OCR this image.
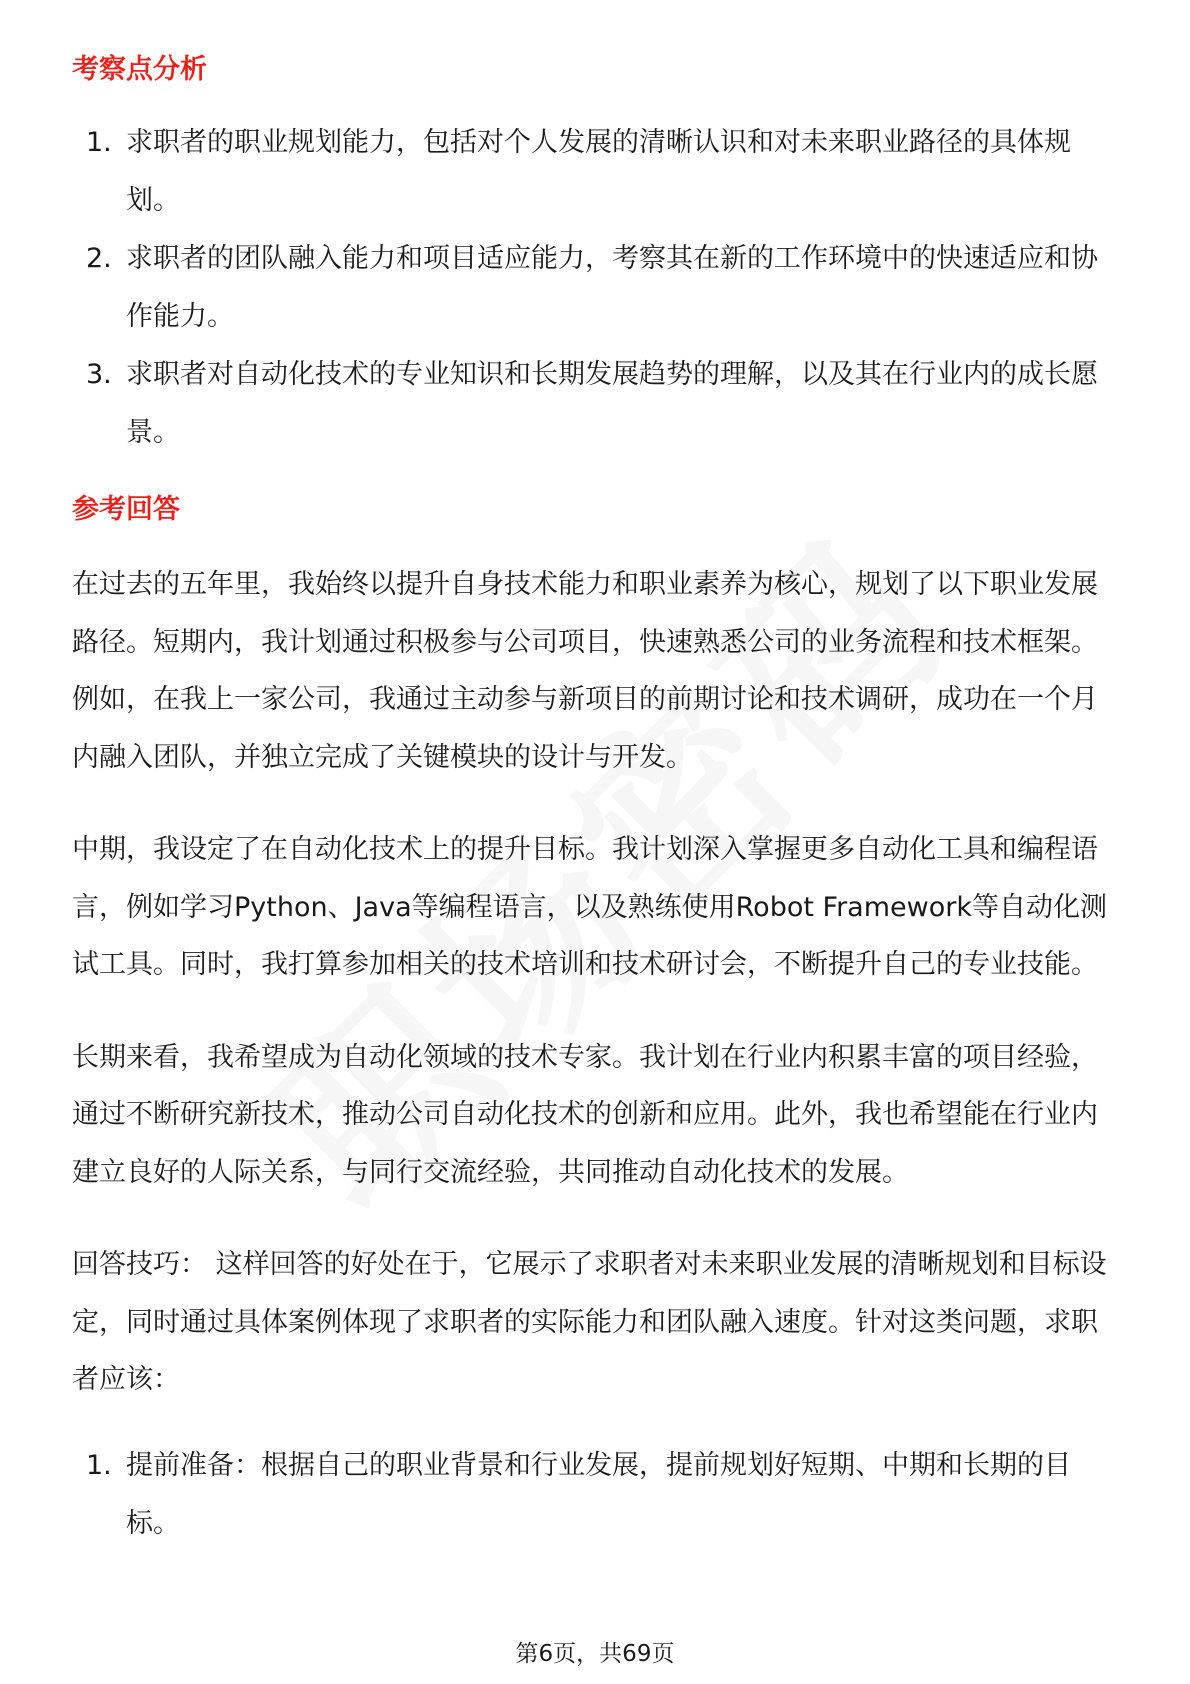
考察点分析
1. 求职者的职业规划能力，包括对个人发展的清晰认识和对未来职业路径的具体规划。
2. 求职者的团队融入能力和项目适应能力，考察其在新的工作环境中的快速适应和协作能力。
3. 求职者对自动化技术的专业知识和长期发展趋势的理解，以及其在行业内的成长愿景。
参考回答

在过去的五年里，我始终以提升自身技术能力和职业素养为核心，规划了以下职业发展路径。短期内，我计划通过积极参与公司项目，快速熟悉公司的业务流程和技术框架。例如，在我上一家公司，我通过主动参与新项目的前期讨论和技术调研，成功在一个月内融入团队，并独立完成了关键模块的设计与开发。

中期，我设定了在自动化技术上的提升目标。我计划深入掌握更多自动化工具和编程语言，例如学习Python、Java等编程语言，以及熟练使用Robot Framework等自动化测试工具。同时，我打算参加相关的技术培训和技术研讨会，不断提升自己的专业技能。

长期来看，我希望成为自动化领域的技术专家。我计划在行业内积累丰富的项目经验，通过不断研究新技术，推动公司自动化技术的创新和应用。此外，我也希望能在行业内建立良好的人际关系，与同行交流经验，共同推动自动化技术的发展。

回答技巧： 这样回答的好处在于，它展示了求职者对未来职业发展的清晰规划和目标设定，同时通过具体案例体现了求职者的实际能力和团队融入速度。针对这类问题，求职者应该：

1. 提前准备：根据自己的职业背景和行业发展，提前规划好短期、中期和长期的目标。
第6页，共69页
